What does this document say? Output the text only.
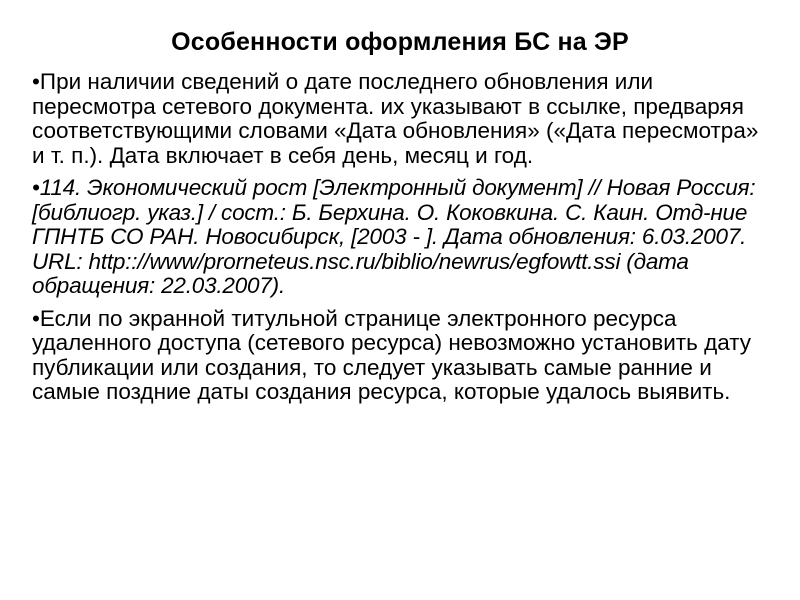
Особенности оформления БС на ЭР

•При наличии сведений о дате последнего обновления или пересмотра сетевого документа. их указывают в ссылке, предваряя соответствующими словами «Дата обновления» («Дата пересмотра» и т. п.). Дата включает в себя день, месяц и год.

•114. Экономический рост [Электронный документ] // Новая Россия: [библиогр. указ.] / сост.: Б. Берхина. О. Коковкина. С. Каин. Отд-ние ГПНТБ СО РАН. Новосибирск, [2003 - ]. Дата обновления: 6.03.2007. URL: http:://www/prorneteus.nsc.ru/biblio/newrus/egfowtt.ssi (дата обращения: 22.03.2007).

•Если по экранной титульной странице электронного ресурса удаленного доступа (сетевого ресурса) невозможно установить дату публикации или создания, то следует указывать самые ранние и самые поздние даты создания ресурса, которые удалось выявить.
